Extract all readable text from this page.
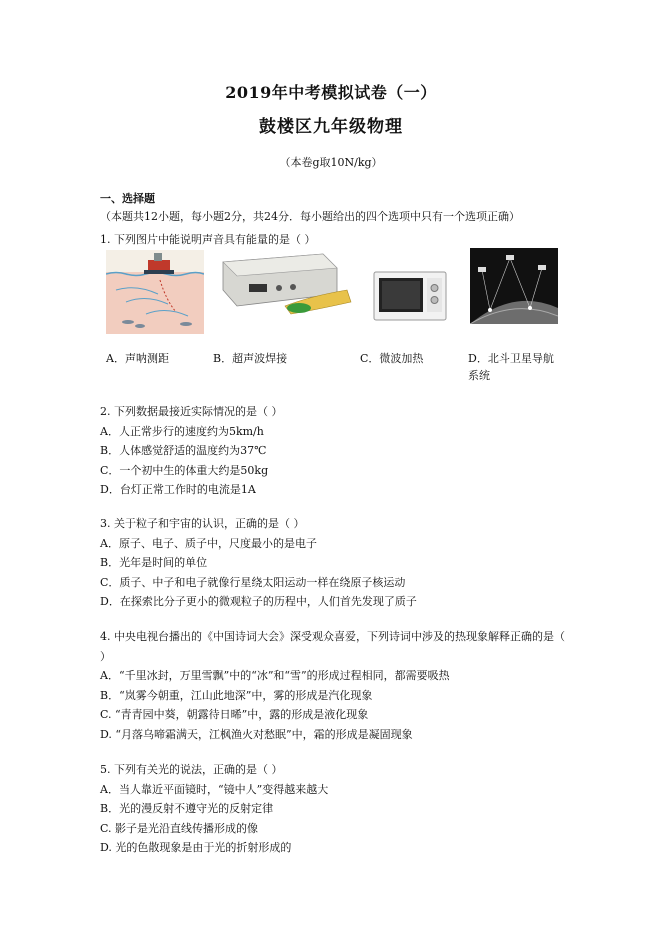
2019年中考模拟试卷（一）
鼓楼区九年级物理
（本卷g取10N/kg）
一、选择题（本题共12小题，每小题2分，共24分．每小题给出的四个选项中只有一个选项正确）
1. 下列图片中能说明声音具有能量的是（ ）
A．声呐测距	B．超声波焊接	C．微波加热	D．北斗卫星导航系统
2. 下列数据最接近实际情况的是（ ）
A．人正常步行的速度约为5km/h
B．人体感觉舒适的温度约为37℃
C．一个初中生的体重大约是50kg
D．台灯正常工作时的电流是1A
3. 关于粒子和宇宙的认识，正确的是（ ）
A．原子、电子、质子中，尺度最小的是电子
B．光年是时间的单位
C．质子、中子和电子就像行星绕太阳运动一样在绕原子核运动
D．在探索比分子更小的微观粒子的历程中，人们首先发现了质子
4. 中央电视台播出的《中国诗词大会》深受观众喜爱，下列诗词中涉及的热现象解释正确的是（ ）
A．“千里冰封，万里雪飘”中的“冰”和“雪”的形成过程相同，都需要吸热
B．“岚雾今朝重，江山此地深”中，雾的形成是汽化现象
C. “青青园中葵，朝露待日晞”中，露的形成是液化现象
D. “月落乌啼霜满天，江枫渔火对愁眠”中，霜的形成是凝固现象
5. 下列有关光的说法，正确的是（ ）
A．当人靠近平面镜时，“镜中人”变得越来越大
B．光的漫反射不遵守光的反射定律
C. 影子是光沿直线传播形成的像
D. 光的色散现象是由于光的折射形成的
